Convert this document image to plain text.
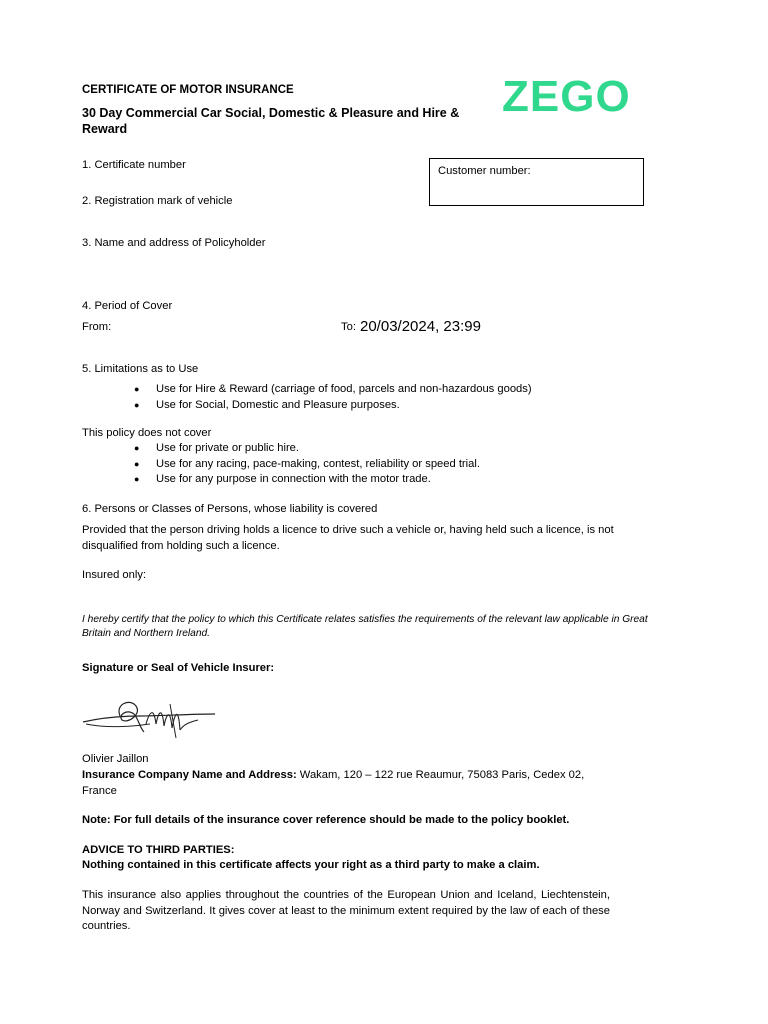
CERTIFICATE OF MOTOR INSURANCE
30 Day Commercial Car Social, Domestic & Pleasure and Hire & Reward
ZEGO
1. Certificate number	Customer number:
2. Registration mark of vehicle
3. Name and address of Policyholder
4. Period of Cover
From:	To: 20/03/2024, 23:99
5. Limitations as to Use
● Use for Hire & Reward (carriage of food, parcels and non-hazardous goods)
● Use for Social, Domestic and Pleasure purposes.
This policy does not cover
● Use for private or public hire.
● Use for any racing, pace-making, contest, reliability or speed trial.
● Use for any purpose in connection with the motor trade.
6. Persons or Classes of Persons, whose liability is covered
Provided that the person driving holds a licence to drive such a vehicle or, having held such a licence, is not disqualified from holding such a licence.
Insured only:
I hereby certify that the policy to which this Certificate relates satisfies the requirements of the relevant law applicable in Great Britain and Northern Ireland.
Signature or Seal of Vehicle Insurer:
Olivier Jaillon
Insurance Company Name and Address: Wakam, 120 – 122 rue Reaumur, 75083 Paris, Cedex 02, France
Note: For full details of the insurance cover reference should be made to the policy booklet.
ADVICE TO THIRD PARTIES:
Nothing contained in this certificate affects your right as a third party to make a claim.
This insurance also applies throughout the countries of the European Union and Iceland, Liechtenstein, Norway and Switzerland. It gives cover at least to the minimum extent required by the law of each of these countries.
